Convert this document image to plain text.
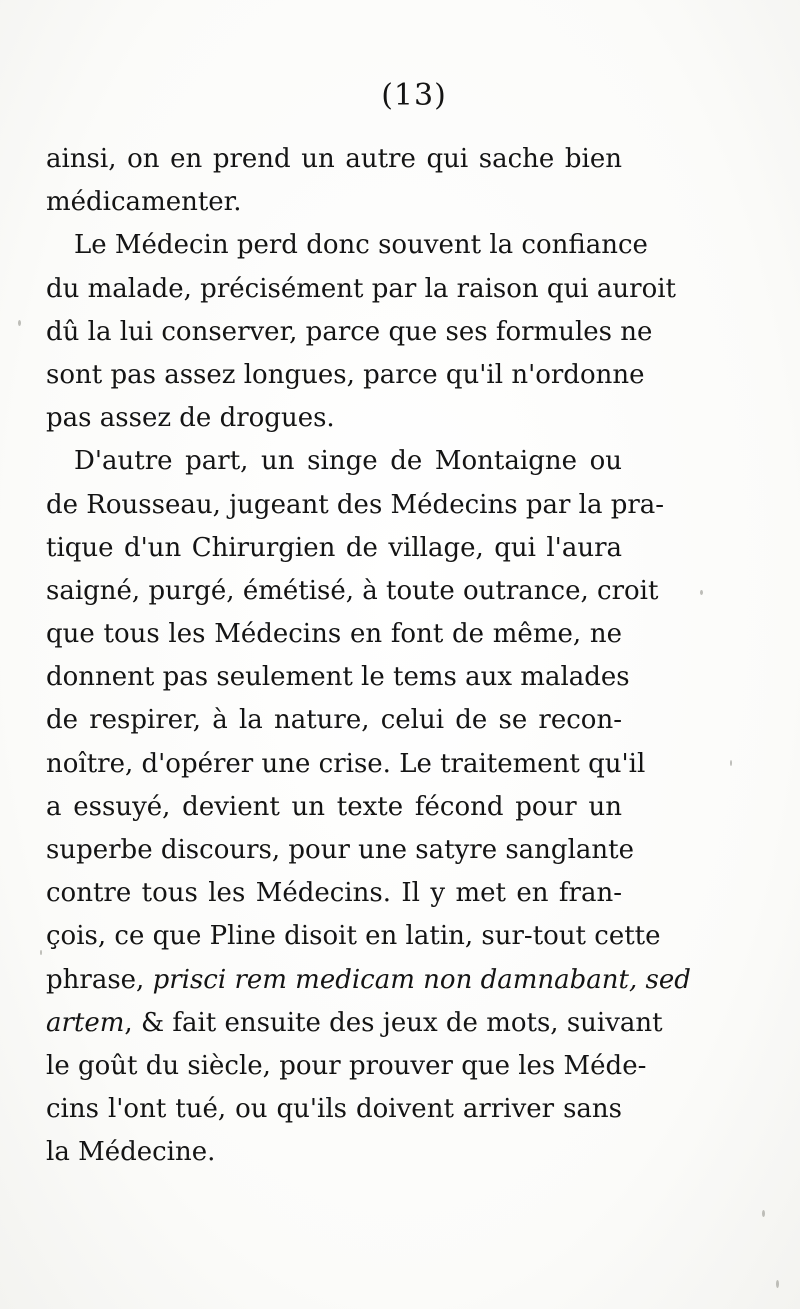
(13)
ainsi, on en prend un autre qui sache bien
médicamenter.
Le Médecin perd donc souvent la confiance
du malade, précisément par la raison qui auroit
dû la lui conserver, parce que ses formules ne
sont pas assez longues, parce qu'il n'ordonne
pas assez de drogues.
D'autre part, un singe de Montaigne ou
de Rousseau, jugeant des Médecins par la pra-
tique d'un Chirurgien de village, qui l'aura
saigné, purgé, émétisé, à toute outrance, croit
que tous les Médecins en font de même, ne
donnent pas seulement le tems aux malades
de respirer, à la nature, celui de se recon-
noître, d'opérer une crise. Le traitement qu'il
a essuyé, devient un texte fécond pour un
superbe discours, pour une satyre sanglante
contre tous les Médecins. Il y met en fran-
çois, ce que Pline disoit en latin, sur-tout cette
phrase, prisci rem medicam non damnabant, sed
artem, & fait ensuite des jeux de mots, suivant
le goût du siècle, pour prouver que les Méde-
cins l'ont tué, ou qu'ils doivent arriver sans
la Médecine.
